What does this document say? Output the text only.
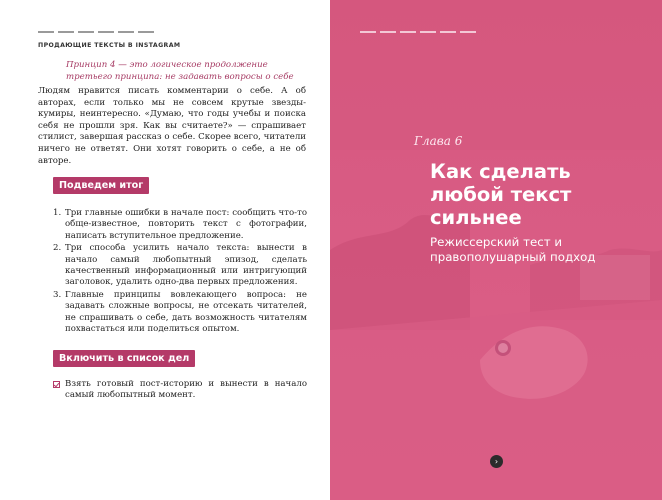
ПРОДАЮЩИЕ ТЕКСТЫ В INSTAGRAM
Принцип 4 — это логическое продолжение третьего принципа: не задавать вопросы о себе

Людям нравится писать комментарии о себе. А об авторах, если только мы не совсем крутые звезды-кумиры, неинтересно. «Думаю, что годы учебы и поиска себя не прошли зря. Как вы считаете?» — спрашивает стилист, завершая рассказ о себе. Скорее всего, читатели ничего не ответят. Они хотят говорить о себе, а не об авторе.

Подведем итог
1. Три главные ошибки в начале пост: сообщить что-то обще-известное, повторить текст с фотографии, написать вступительное предложение.
2. Три способа усилить начало текста: вынести в начало самый любопытный эпизод, сделать качественный информационный или интригующий заголовок, удалить одно-два первых предложения.
3. Главные принципы вовлекающего вопроса: не задавать сложные вопросы, не отсекать читателей, не спрашивать о себе, дать возможность читателям похвастаться или поделиться опытом.
Включить в список дел
Взять готовый пост-историю и вынести в начало самый любопытный момент.
Глава 6
Как сделать любой текст сильнее
Режиссерский тест и правополушарный подход
›
